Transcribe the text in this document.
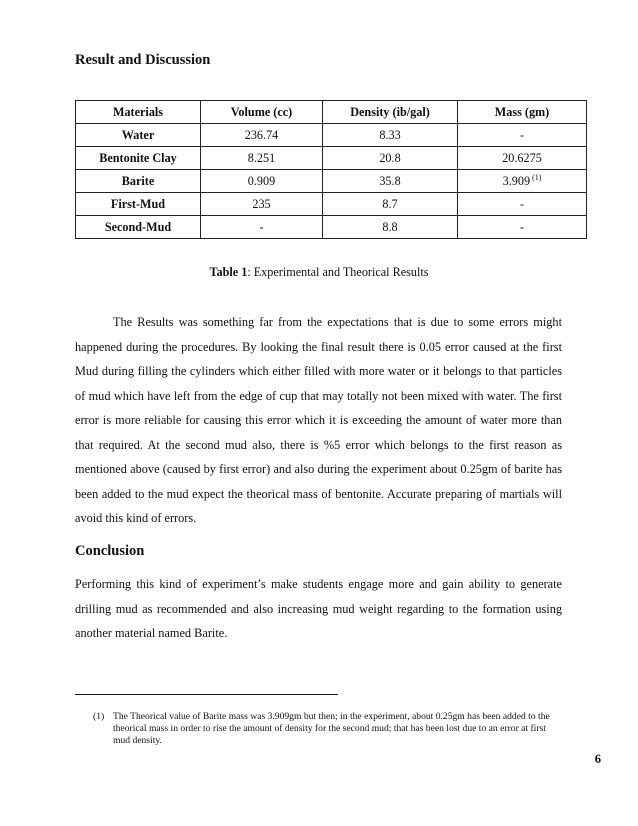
Result and Discussion
Materials	Volume (cc)	Density (ib/gal)	Mass (gm)
Water	236.74	8.33	-
Bentonite Clay	8.251	20.8	20.6275
Barite	0.909	35.8	3.909 $^{(1)}$
First-Mud	235	8.7	-
Second-Mud	-	8.8	-
Table 1: Experimental and Theorical Results

The Results was something far from the expectations that is due to some errors might happened during the procedures. By looking the final result there is 0.05 error caused at the first Mud during filling the cylinders which either filled with more water or it belongs to that particles of mud which have left from the edge of cup that may totally not been mixed with water. The first error is more reliable for causing this error which it is exceeding the amount of water more than that required. At the second mud also, there is %5 error which belongs to the first reason as mentioned above (caused by first error) and also during the experiment about 0.25gm of barite has been added to the mud expect the theorical mass of bentonite. Accurate preparing of martials will avoid this kind of errors.

Conclusion

Performing this kind of experiment’s make students engage more and gain ability to generate drilling mud as recommended and also increasing mud weight regarding to the formation using another material named Barite.

(1) The Theorical value of Barite mass was 3.909gm but then; in the experiment, about 0.25gm has been added to the theorical mass in order to rise the amount of density for the second mud; that has been lost due to an error at first mud density.

6
